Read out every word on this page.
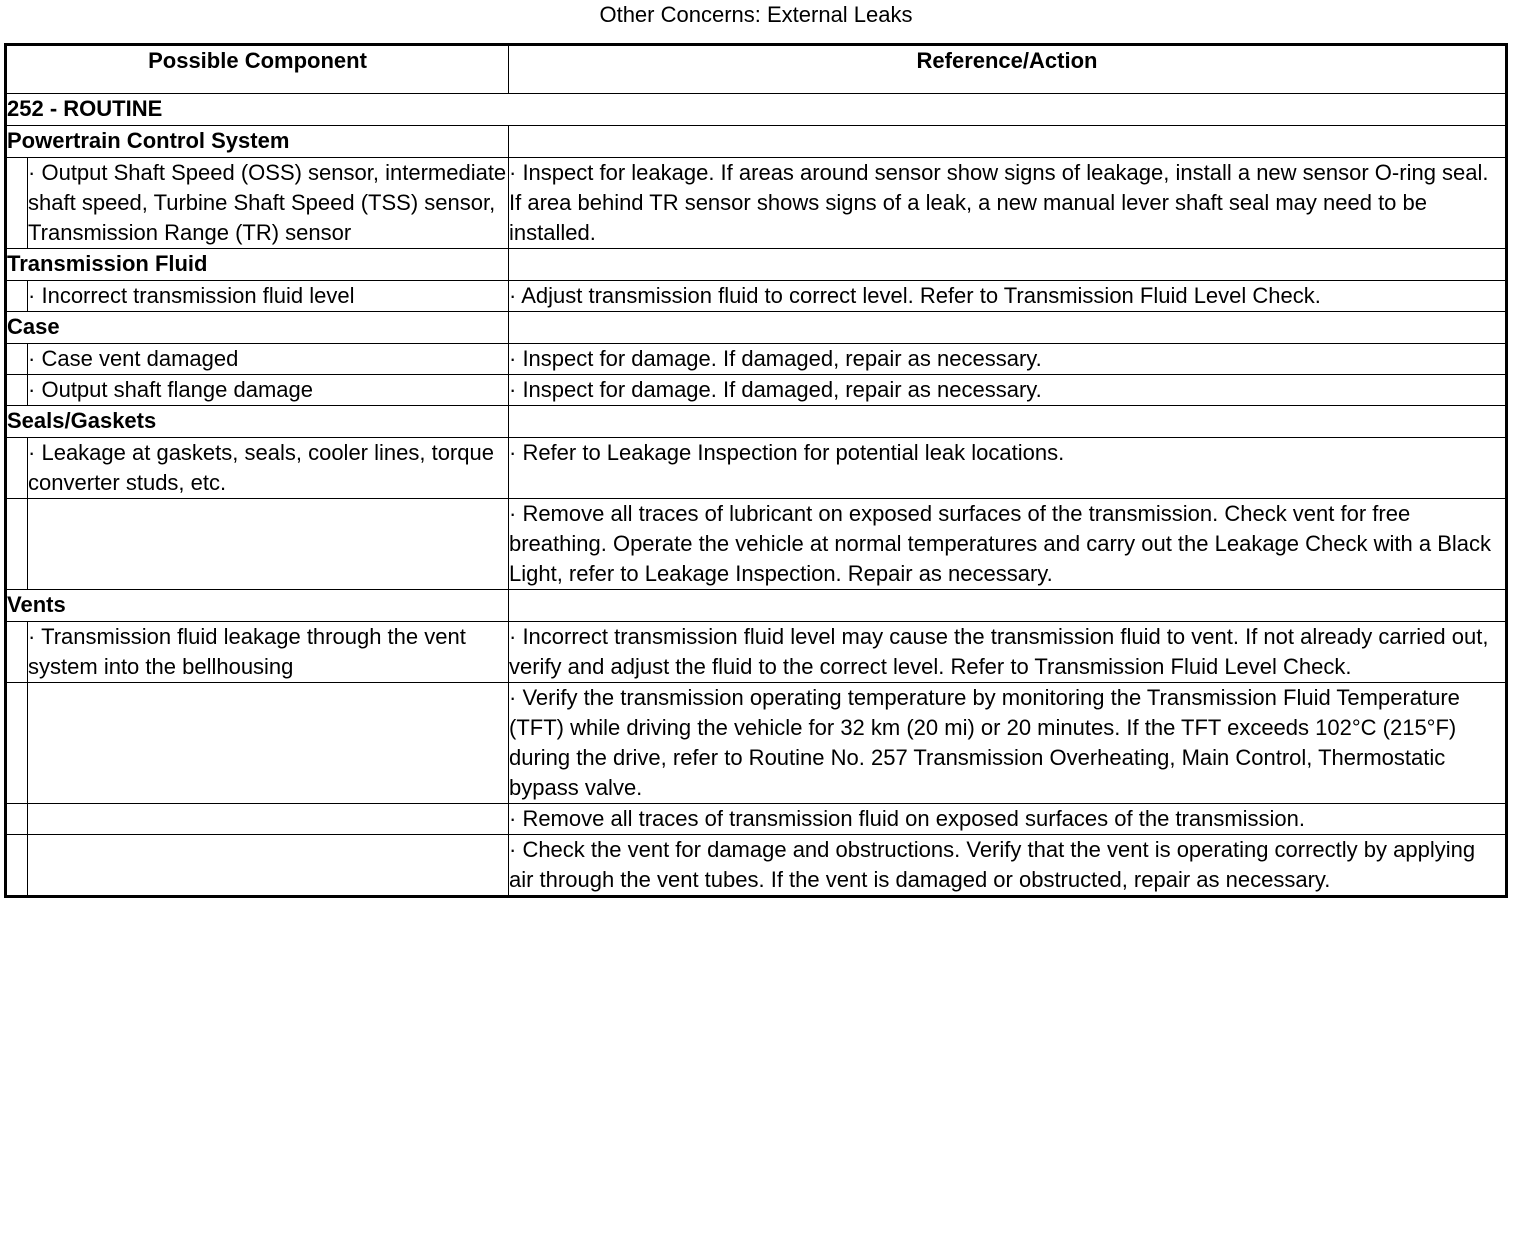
Other Concerns: External Leaks
Possible Component		Reference/Action
252 - ROUTINE		
Powertrain Control System		
	· Output Shaft Speed (OSS) sensor, intermediate shaft speed, Turbine Shaft Speed (TSS) sensor, Transmission Range (TR) sensor	· Inspect for leakage. If areas around sensor show signs of leakage, install a new sensor O-ring seal. If area behind TR sensor shows signs of a leak, a new manual lever shaft seal may need to be installed.
Transmission Fluid		
	· Incorrect transmission fluid level	· Adjust transmission fluid to correct level. Refer to Transmission Fluid Level Check.
Case		
	· Case vent damaged	· Inspect for damage. If damaged, repair as necessary.
	· Output shaft flange damage	· Inspect for damage. If damaged, repair as necessary.
Seals/Gaskets		
	· Leakage at gaskets, seals, cooler lines, torque converter studs, etc.	· Refer to Leakage Inspection for potential leak locations.
		· Remove all traces of lubricant on exposed surfaces of the transmission. Check vent for free breathing. Operate the vehicle at normal temperatures and carry out the Leakage Check with a Black Light, refer to Leakage Inspection. Repair as necessary.
Vents		
	· Transmission fluid leakage through the vent system into the bellhousing	· Incorrect transmission fluid level may cause the transmission fluid to vent. If not already carried out, verify and adjust the fluid to the correct level. Refer to Transmission Fluid Level Check.
		· Verify the transmission operating temperature by monitoring the Transmission Fluid Temperature (TFT) while driving the vehicle for 32 km (20 mi) or 20 minutes. If the TFT exceeds 102°C (215°F) during the drive, refer to Routine No. 257 Transmission Overheating, Main Control, Thermostatic bypass valve.
		· Remove all traces of transmission fluid on exposed surfaces of the transmission.
		· Check the vent for damage and obstructions. Verify that the vent is operating correctly by applying air through the vent tubes. If the vent is damaged or obstructed, repair as necessary.
